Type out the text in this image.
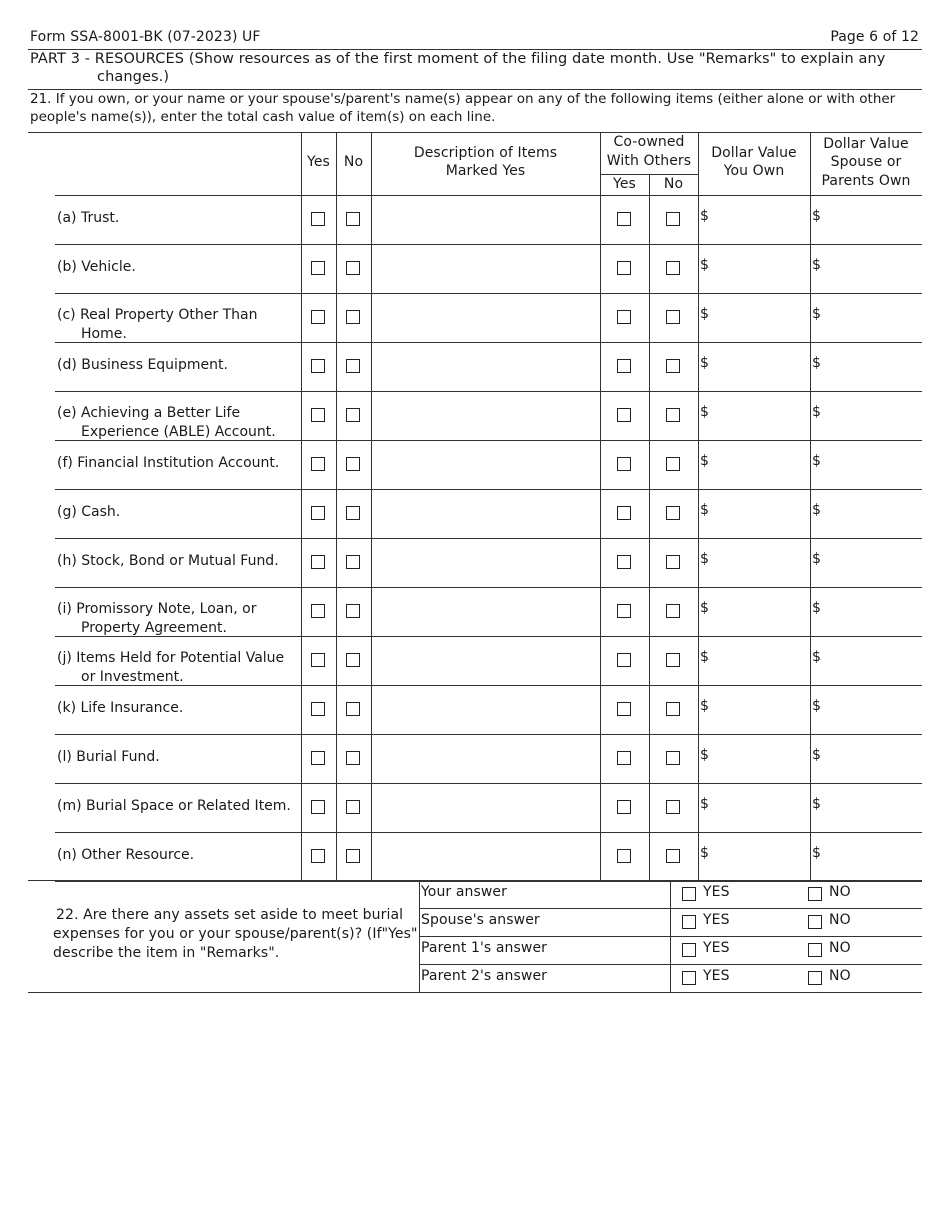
Form SSA-8001-BK (07-2023) UF	Page 6 of 12
PART 3 - RESOURCES (Show resources as of the first moment of the filing date month. Use "Remarks" to explain any
changes.)
21. If you own, or your name or your spouse's/parent's name(s) appear on any of the following items (either alone or with other
people's name(s)), enter the total cash value of item(s) on each line.
Yes No
Description of Items
Marked Yes
Co-owned
With Others
Yes	No
Dollar Value
You Own
Dollar Value
Spouse or
Parents Own
(a) Trust.	$	$
(b) Vehicle.	$	$
(c) Real Property Other Than
Home.
$	$
(d) Business Equipment.	$	$
(e) Achieving a Better Life
Experience (ABLE) Account.
$	$
(f) Financial Institution Account.	$	$
(g) Cash.	$	$
(h) Stock, Bond or Mutual Fund.	$	$
(i) Promissory Note, Loan, or
Property Agreement.
$	$
(j) Items Held for Potential Value
or Investment.
$	$
(k) Life Insurance.	$	$
(l) Burial Fund.	$	$
(m) Burial Space or Related Item.	$	$
(n) Other Resource.	$	$
22. Are there any assets set aside to meet burial
expenses for you or your spouse/parent(s)? (If"Yes"
describe the item in "Remarks".
Your answer	YES	NO
Spouse's answer	YES	NO
Parent 1's answer	YES	NO
Parent 2's answer	YES	NO
